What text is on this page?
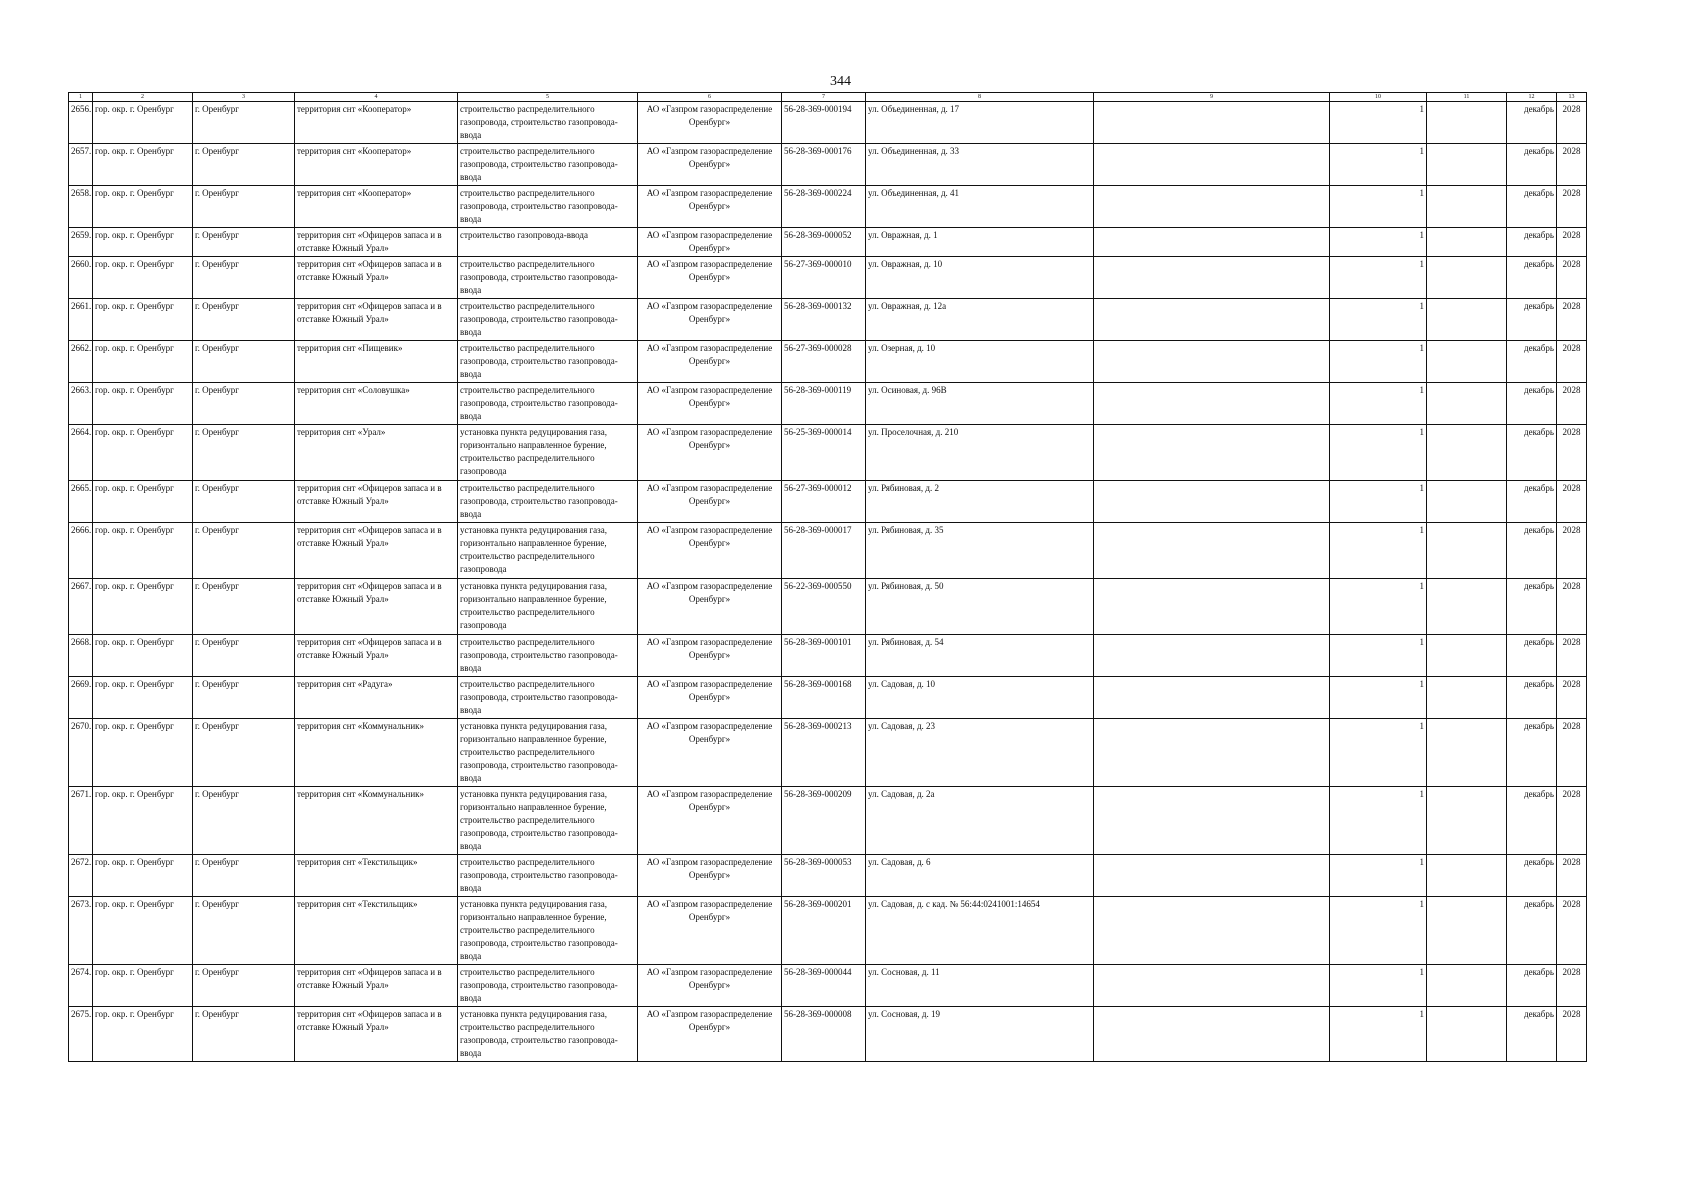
344
1	2	3	4	5	6	7	8	9	10	11	12	13
2656.	гор. окр. г. Оренбург	г. Оренбург	территория снт «Кооператор»	строительство распределительного газопровода, строительство газопровода-ввода	АО «Газпром газораспределение Оренбург»	56-28-369-000194	ул. Объединенная, д. 17		1		декабрь	2028
2657.	гор. окр. г. Оренбург	г. Оренбург	территория снт «Кооператор»	строительство распределительного газопровода, строительство газопровода-ввода	АО «Газпром газораспределение Оренбург»	56-28-369-000176	ул. Объединенная, д. 33		1		декабрь	2028
2658.	гор. окр. г. Оренбург	г. Оренбург	территория снт «Кооператор»	строительство распределительного газопровода, строительство газопровода-ввода	АО «Газпром газораспределение Оренбург»	56-28-369-000224	ул. Объединенная, д. 41		1		декабрь	2028
2659.	гор. окр. г. Оренбург	г. Оренбург	территория снт «Офицеров запаса и в отставке Южный Урал»	строительство газопровода-ввода	АО «Газпром газораспределение Оренбург»	56-28-369-000052	ул. Овражная, д. 1		1		декабрь	2028
2660.	гор. окр. г. Оренбург	г. Оренбург	территория снт «Офицеров запаса и в отставке Южный Урал»	строительство распределительного газопровода, строительство газопровода-ввода	АО «Газпром газораспределение Оренбург»	56-27-369-000010	ул. Овражная, д. 10		1		декабрь	2028
2661.	гор. окр. г. Оренбург	г. Оренбург	территория снт «Офицеров запаса и в отставке Южный Урал»	строительство распределительного газопровода, строительство газопровода-ввода	АО «Газпром газораспределение Оренбург»	56-28-369-000132	ул. Овражная, д. 12а		1		декабрь	2028
2662.	гор. окр. г. Оренбург	г. Оренбург	территория снт «Пищевик»	строительство распределительного газопровода, строительство газопровода-ввода	АО «Газпром газораспределение Оренбург»	56-27-369-000028	ул. Озерная, д. 10		1		декабрь	2028
2663.	гор. окр. г. Оренбург	г. Оренбург	территория снт «Соловушка»	строительство распределительного газопровода, строительство газопровода-ввода	АО «Газпром газораспределение Оренбург»	56-28-369-000119	ул. Осиновая, д. 96В		1		декабрь	2028
2664.	гор. окр. г. Оренбург	г. Оренбург	территория снт «Урал»	установка пункта редуцирования газа, горизонтально направленное бурение, строительство распределительного газопровода	АО «Газпром газораспределение Оренбург»	56-25-369-000014	ул. Проселочная, д. 210		1		декабрь	2028
2665.	гор. окр. г. Оренбург	г. Оренбург	территория снт «Офицеров запаса и в отставке Южный Урал»	строительство распределительного газопровода, строительство газопровода-ввода	АО «Газпром газораспределение Оренбург»	56-27-369-000012	ул. Рябиновая, д. 2		1		декабрь	2028
2666.	гор. окр. г. Оренбург	г. Оренбург	территория снт «Офицеров запаса и в отставке Южный Урал»	установка пункта редуцирования газа, горизонтально направленное бурение, строительство распределительного газопровода	АО «Газпром газораспределение Оренбург»	56-28-369-000017	ул. Рябиновая, д. 35		1		декабрь	2028
2667.	гор. окр. г. Оренбург	г. Оренбург	территория снт «Офицеров запаса и в отставке Южный Урал»	установка пункта редуцирования газа, горизонтально направленное бурение, строительство распределительного газопровода	АО «Газпром газораспределение Оренбург»	56-22-369-000550	ул. Рябиновая, д. 50		1		декабрь	2028
2668.	гор. окр. г. Оренбург	г. Оренбург	территория снт «Офицеров запаса и в отставке Южный Урал»	строительство распределительного газопровода, строительство газопровода-ввода	АО «Газпром газораспределение Оренбург»	56-28-369-000101	ул. Рябиновая, д. 54		1		декабрь	2028
2669.	гор. окр. г. Оренбург	г. Оренбург	территория снт «Радуга»	строительство распределительного газопровода, строительство газопровода-ввода	АО «Газпром газораспределение Оренбург»	56-28-369-000168	ул. Садовая, д. 10		1		декабрь	2028
2670.	гор. окр. г. Оренбург	г. Оренбург	территория снт «Коммунальник»	установка пункта редуцирования газа, горизонтально направленное бурение, строительство распределительного газопровода, строительство газопровода-ввода	АО «Газпром газораспределение Оренбург»	56-28-369-000213	ул. Садовая, д. 23		1		декабрь	2028
2671.	гор. окр. г. Оренбург	г. Оренбург	территория снт «Коммунальник»	установка пункта редуцирования газа, горизонтально направленное бурение, строительство распределительного газопровода, строительство газопровода-ввода	АО «Газпром газораспределение Оренбург»	56-28-369-000209	ул. Садовая, д. 2а		1		декабрь	2028
2672.	гор. окр. г. Оренбург	г. Оренбург	территория снт «Текстильщик»	строительство распределительного газопровода, строительство газопровода-ввода	АО «Газпром газораспределение Оренбург»	56-28-369-000053	ул. Садовая, д. 6		1		декабрь	2028
2673.	гор. окр. г. Оренбург	г. Оренбург	территория снт «Текстильщик»	установка пункта редуцирования газа, горизонтально направленное бурение, строительство распределительного газопровода, строительство газопровода-ввода	АО «Газпром газораспределение Оренбург»	56-28-369-000201	ул. Садовая, д. с кад. № 56:44:0241001:14654		1		декабрь	2028
2674.	гор. окр. г. Оренбург	г. Оренбург	территория снт «Офицеров запаса и в отставке Южный Урал»	строительство распределительного газопровода, строительство газопровода-ввода	АО «Газпром газораспределение Оренбург»	56-28-369-000044	ул. Сосновая, д. 11		1		декабрь	2028
2675.	гор. окр. г. Оренбург	г. Оренбург	территория снт «Офицеров запаса и в отставке Южный Урал»	установка пункта редуцирования газа, строительство распределительного газопровода, строительство газопровода-ввода	АО «Газпром газораспределение Оренбург»	56-28-369-000008	ул. Сосновая, д. 19		1		декабрь	2028
